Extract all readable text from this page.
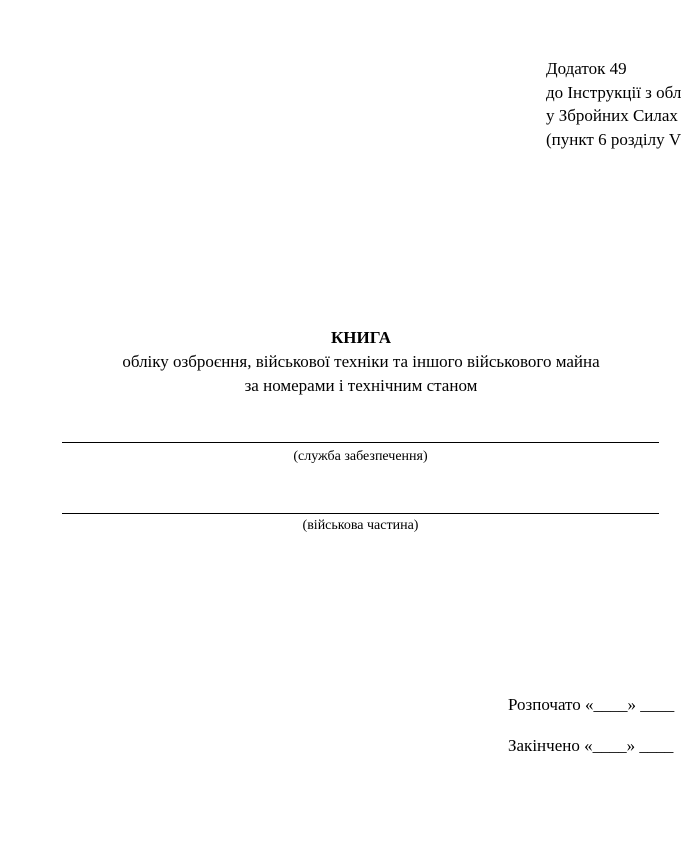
Додаток 49
до Інструкції з обл
у Збройних Силах
(пункт 6 розділу V
КНИГА
обліку озброєння, військової техніки та іншого військового майна
за номерами і технічним станом
(служба забезпечення)
(військова частина)
Розпочато «____» ____
Закінчено «____» ____
